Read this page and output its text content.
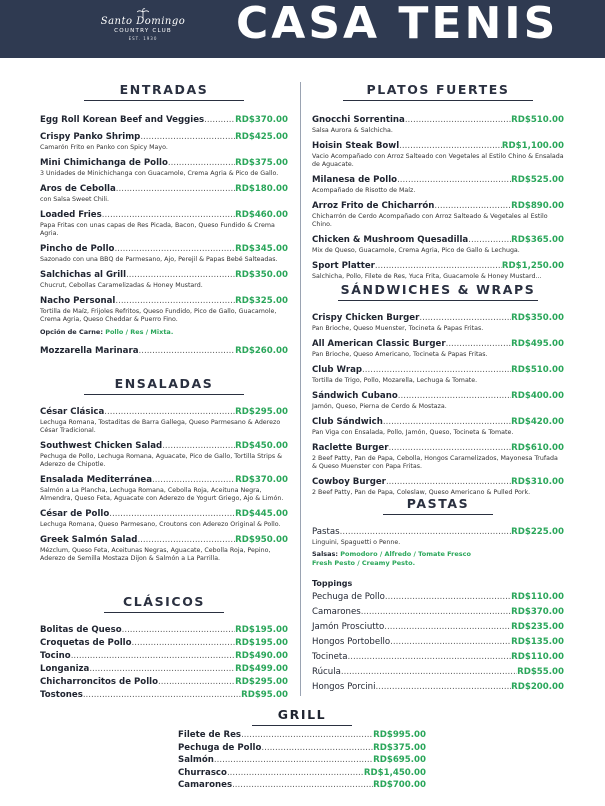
Santo Domingo
COUNTRY CLUB
EST. 1930	CASA TENIS
ENTRADAS
Egg Roll Korean Beef and Veggies .....	RD$370.00
Crispy Panko Shrimp .....	RD$425.00
Camarón Frito en Panko con Spicy Mayo.
Mini Chimichanga de Pollo .....	RD$375.00
3 Unidades de Minichichanga con Guacamole, Crema Agria & Pico de Gallo.
Aros de Cebolla .....	RD$180.00
con Salsa Sweet Chili.
Loaded Fries .....	RD$460.00
Papa Fritas con unas capas de Res Picada, Bacon, Queso Fundido & Crema Agria.
Pincho de Pollo .....	RD$345.00
Sazonado con una BBQ de Parmesano, Ajo, Perejil & Papas Bebé Salteadas.
Salchichas al Grill .....	RD$350.00
Chucrut, Cebollas Caramelizadas & Honey Mustard.
Nacho Personal .....	RD$325.00
Tortilla de Maíz, Frijoles Refritos, Queso Fundido, Pico de Gallo, Guacamole, Crema Agria, Queso Cheddar & Puerro Fino.
Opción de Carne: Pollo / Res / Mixta.
Mozzarella Marinara .....	RD$260.00
ENSALADAS
César Clásica .....	RD$295.00
Lechuga Romana, Tostaditas de Barra Gallega, Queso Parmesano & Aderezo César Tradicional.
Southwest Chicken Salad .....	RD$450.00
Pechuga de Pollo, Lechuga Romana, Aguacate, Pico de Gallo, Tortilla Strips & Aderezo de Chipotle.
Ensalada Mediterránea .....	RD$370.00
Salmón a La Plancha, Lechuga Romana, Cebolla Roja, Aceituna Negra, Almendra, Queso Feta, Aguacate con Aderezo de Yogurt Griego, Ajo & Limón.
César de Pollo .....	RD$445.00
Lechuga Romana, Queso Parmesano, Croutons con Aderezo Original & Pollo.
Greek Salmón Salad .....	RD$950.00
Mézclum, Queso Feta, Aceitunas Negras, Aguacate, Cebolla Roja, Pepino, Aderezo de Semilla Mostaza Dijon & Salmón a La Parrilla.
CLÁSICOS
Bolitas de Queso .....	RD$195.00
Croquetas de Pollo .....	RD$195.00
Tocino .....	RD$490.00
Longaniza .....	RD$499.00
Chicharroncitos de Pollo .....	RD$295.00
Tostones .....	RD$95.00
PLATOS FUERTES
Gnocchi Sorrentina .....	RD$510.00
Salsa Aurora & Salchicha.
Hoisin Steak Bowl .....	RD$1,100.00
Vacio Acompañado con Arroz Salteado con Vegetales al Estilo Chino & Ensalada de Aguacate.
Milanesa de Pollo .....	RD$525.00
Acompañado de Risotto de Maíz.
Arroz Frito de Chicharrón .....	RD$890.00
Chicharrón de Cerdo Acompañado con Arroz Salteado & Vegetales al Estilo Chino.
Chicken & Mushroom Quesadilla .....	RD$365.00
Mix de Queso, Guacamole, Crema Agria, Pico de Gallo & Lechuga.
Sport Platter .....	RD$1,250.00
Salchicha, Pollo, Filete de Res, Yuca Frita, Guacamole & Honey Mustard...
SÁNDWICHES & WRAPS
Crispy Chicken Burger .....	RD$350.00
Pan Brioche, Queso Muenster, Tocineta & Papas Fritas.
All American Classic Burger .....	RD$495.00
Pan Brioche, Queso Americano, Tocineta & Papas Fritas.
Club Wrap .....	RD$510.00
Tortilla de Trigo, Pollo, Mozarella, Lechuga & Tomate.
Sándwich Cubano .....	RD$400.00
Jamón, Queso, Pierna de Cerdo & Mostaza.
Club Sándwich .....	RD$420.00
Pan Viga con Ensalada, Pollo, Jamón, Queso, Tocineta & Tomate.
Raclette Burger .....	RD$610.00
2 Beef Patty, Pan de Papa, Cebolla, Hongos Caramelizados, Mayonesa Trufada & Queso Muenster con Papa Fritas.
Cowboy Burger .....	RD$310.00
2 Beef Patty, Pan de Papa, Coleslaw, Queso Americano & Pulled Pork.
PASTAS
Pastas .....	RD$225.00
Linguini, Spaguetti o Penne.
Salsas: Pomodoro / Alfredo / Tomate Fresco
Fresh Pesto / Creamy Pesto.
Toppings
Pechuga de Pollo .....	RD$110.00
Camarones .....	RD$370.00
Jamón Prosciutto .....	RD$235.00
Hongos Portobello .....	RD$135.00
Tocineta .....	RD$110.00
Rúcula .....	RD$55.00
Hongos Porcini .....	RD$200.00
GRILL
Filete de Res .....	RD$995.00
Pechuga de Pollo .....	RD$375.00
Salmón .....	RD$695.00
Churrasco .....	RD$1,450.00
Camarones .....	RD$700.00
